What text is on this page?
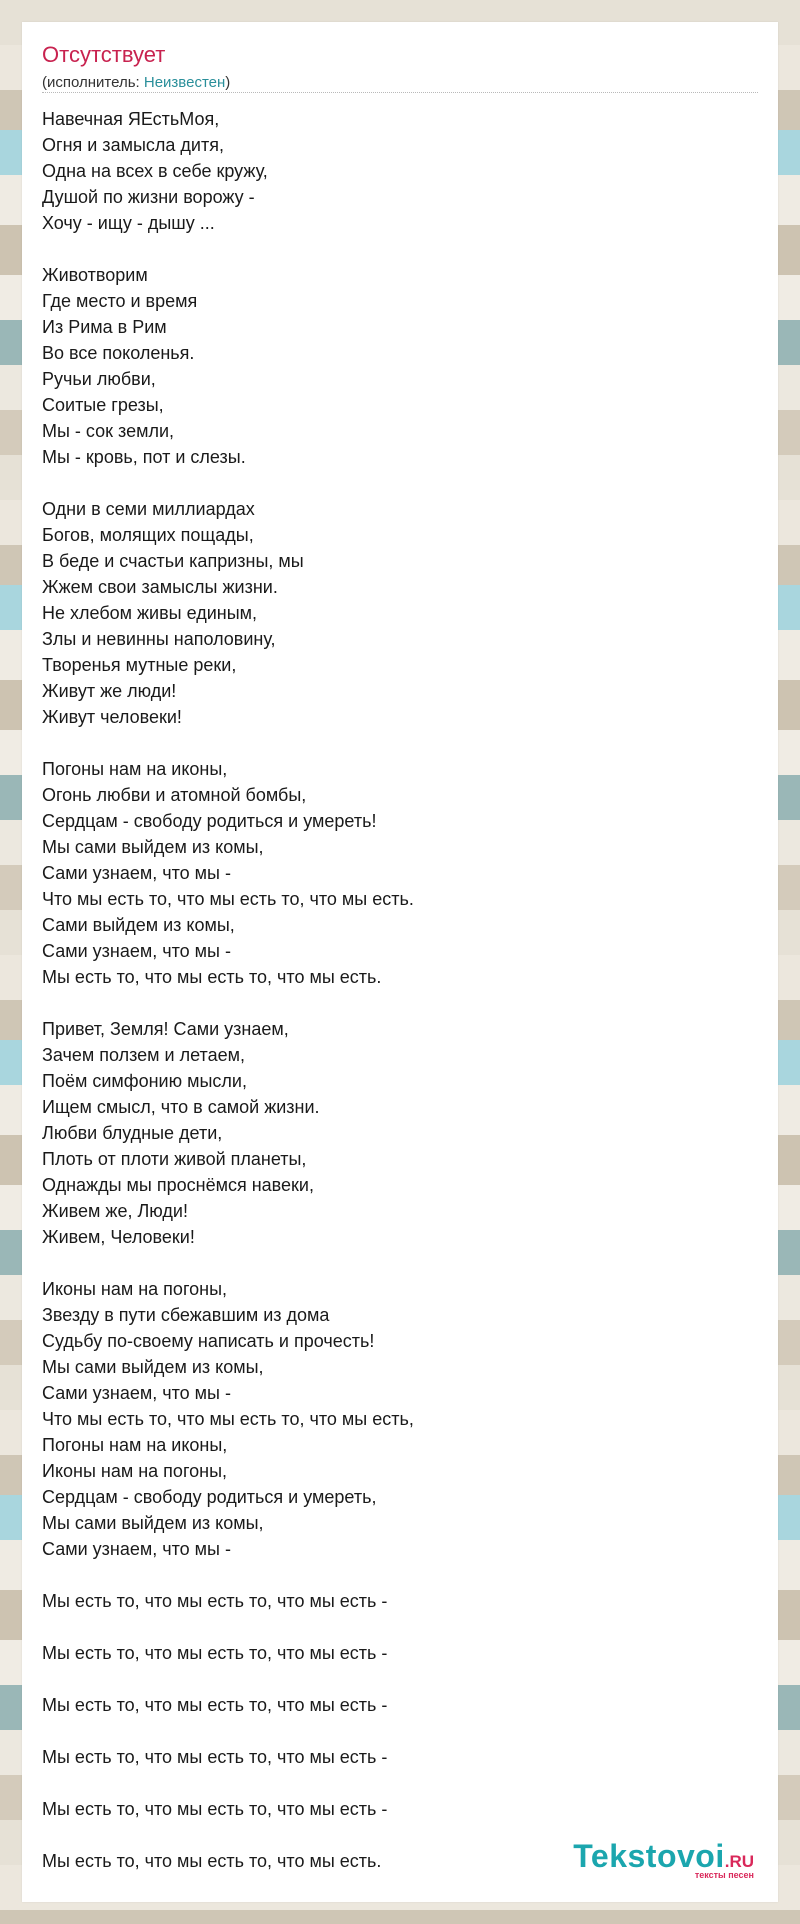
Отсутствует
(исполнитель: Неизвестен)
Навечная ЯЕстьМоя,
Огня и замысла дитя,
Одна на всех в себе кружу,
Душой по жизни ворожу -
Хочу - ищу - дышу ...
Животворим
Где место и время
Из Рима в Рим
Во все поколенья.
Ручьи любви,
Соитые грезы,
Мы - сок земли,
Мы - кровь, пот и слезы.
Одни в семи миллиардах
Богов, молящих пощады,
В беде и счастьи капризны, мы
Жжем свои замыслы жизни.
Не хлебом живы единым,
Злы и невинны наполовину,
Творенья мутные реки,
Живут же люди!
Живут человеки!
Погоны нам на иконы,
Огонь любви и атомной бомбы,
Сердцам - свободу родиться и умереть!
Мы сами выйдем из комы,
Сами узнаем, что мы -
Что мы есть то, что мы есть то, что мы есть.
Сами выйдем из комы,
Сами узнаем, что мы -
Мы есть то, что мы есть то, что мы есть.
Привет, Земля! Сами узнаем,
Зачем ползем и летаем,
Поём симфонию мысли,
Ищем смысл, что в самой жизни.
Любви блудные дети,
Плоть от плоти живой планеты,
Однажды мы проснёмся навеки,
Живем же, Люди!
Живем, Человеки!
Иконы нам на погоны,
Звезду в пути сбежавшим из дома
Судьбу по-своему написать и прочесть!
Мы сами выйдем из комы,
Сами узнаем, что мы -
Что мы есть то, что мы есть то, что мы есть,
Погоны нам на иконы,
Иконы нам на погоны,
Сердцам - свободу родиться и умереть,
Мы сами выйдем из комы,
Сами узнаем, что мы -
Мы есть то, что мы есть то, что мы есть -
Мы есть то, что мы есть то, что мы есть -
Мы есть то, что мы есть то, что мы есть -
Мы есть то, что мы есть то, что мы есть -
Мы есть то, что мы есть то, что мы есть -
Мы есть то, что мы есть то, что мы есть.	Tekstovoi.RU
тексты песен
